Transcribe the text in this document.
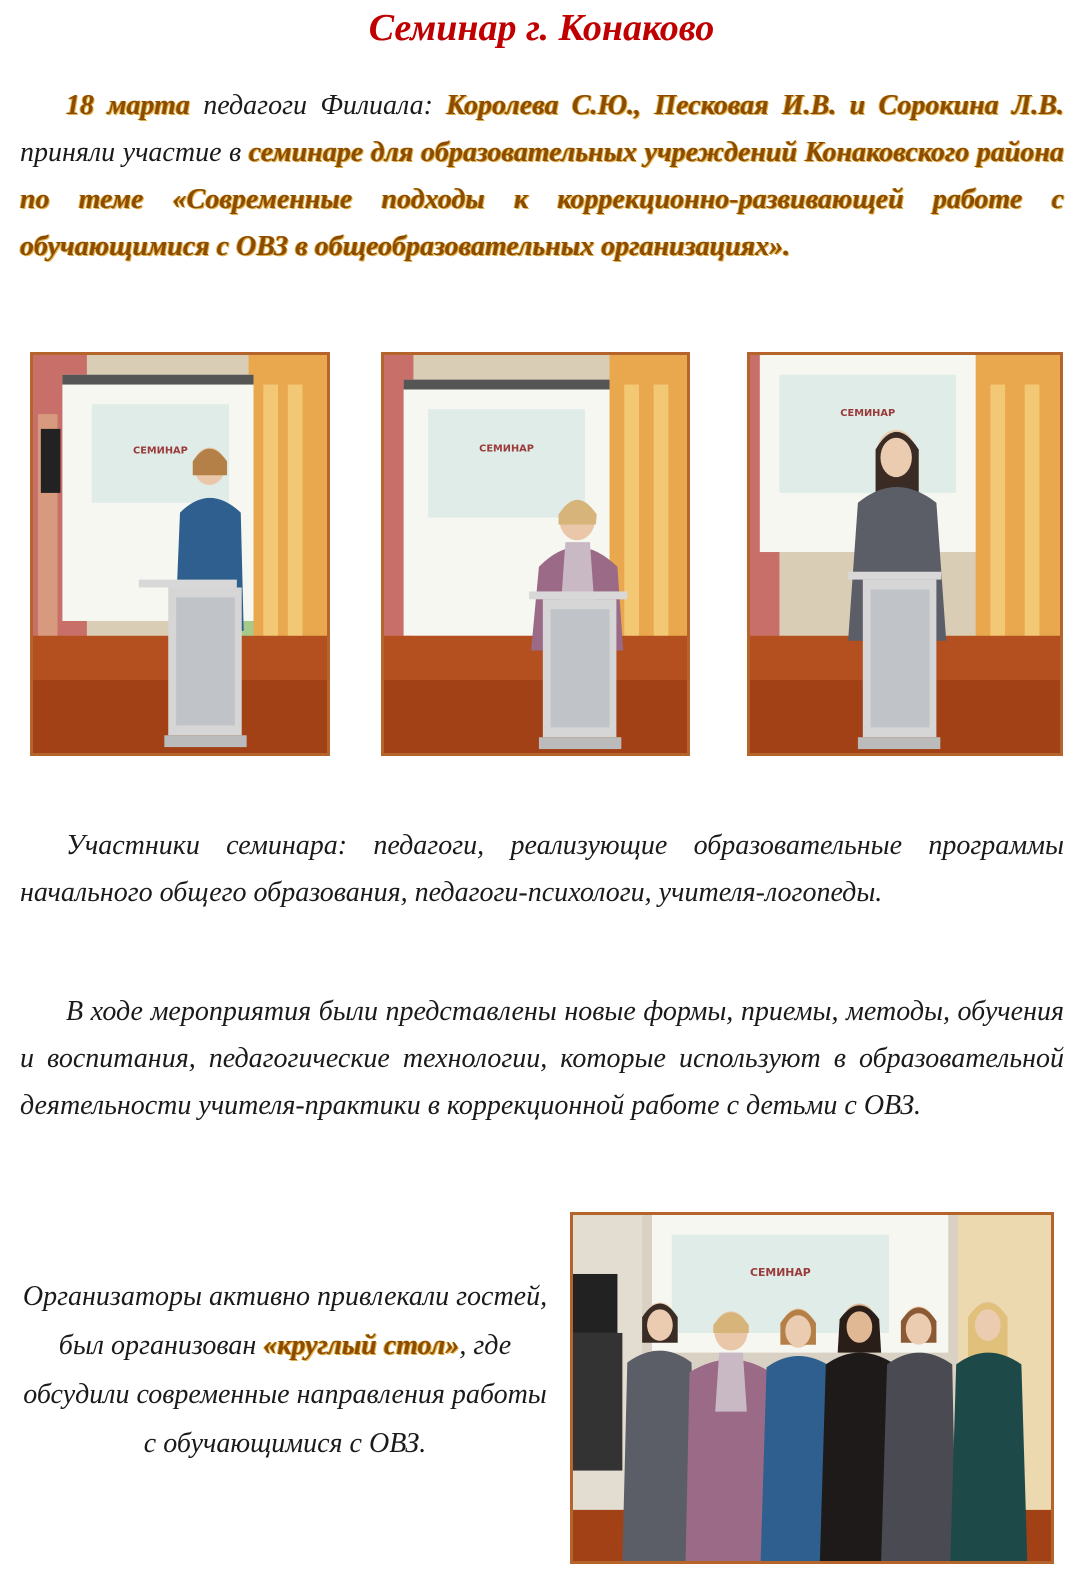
Семинар г. Конаково

18 марта педагоги Филиала: Королева С.Ю., Песковая И.В. и Сорокина Л.В. приняли участие в семинаре для образовательных учреждений Конаковского района по теме «Современные подходы к коррекционно-развивающей работе с обучающимися с ОВЗ в общеобразовательных организациях».

СЕМИНАР	СЕМИНАР
СЕМИНАР

Участники семинара: педагоги, реализующие образовательные программы начального общего образования, педагоги-психологи, учителя-логопеды.

В ходе мероприятия были представлены новые формы, приемы, методы, обучения и воспитания, педагогические технологии, которые используют в образовательной деятельности учителя-практики в коррекционной работе с детьми с ОВЗ.

Организаторы активно привлекали гостей, был организован «круглый стол», где обсудили современные направления работы с обучающимися с ОВЗ.

СЕМИНАР
